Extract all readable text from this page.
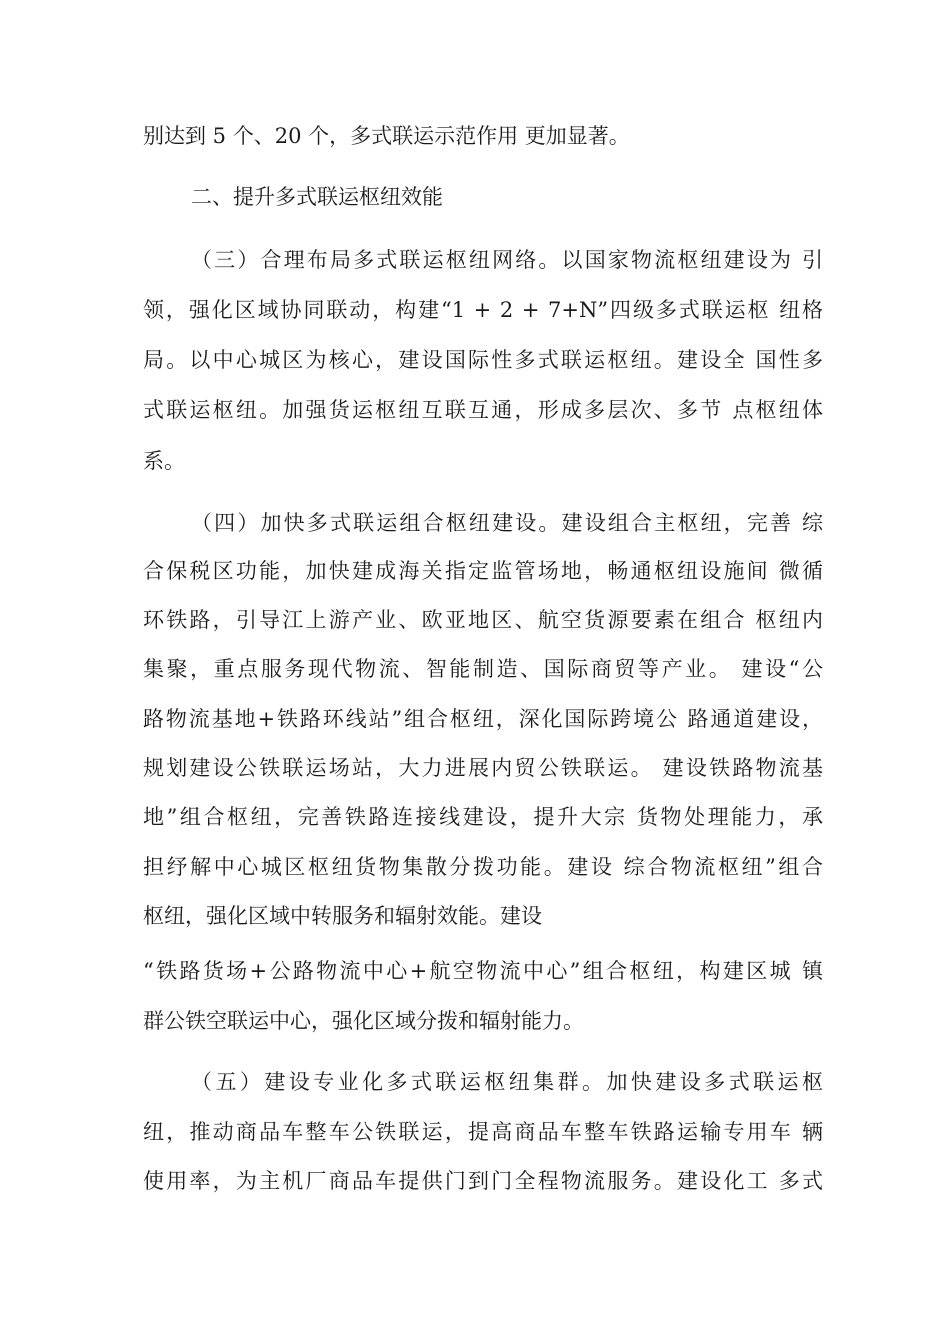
别达到 5 个、20 个，多式联运示范作用 更加显著。
二、提升多式联运枢纽效能
（三）合理布局多式联运枢纽网络。以国家物流枢纽建设为 引
领，强化区域协同联动，构建“1 + 2 + 7+N”四级多式联运枢 纽格
局。以中心城区为核心，建设国际性多式联运枢纽。建设全 国性多
式联运枢纽。加强货运枢纽互联互通，形成多层次、多节 点枢纽体
系。
（四）加快多式联运组合枢纽建设。建设组合主枢纽，完善 综
合保税区功能，加快建成海关指定监管场地，畅通枢纽设施间 微循
环铁路，引导江上游产业、欧亚地区、航空货源要素在组合 枢纽内
集聚，重点服务现代物流、智能制造、国际商贸等产业。 建设“公
路物流基地+铁路环线站”组合枢纽，深化国际跨境公 路通道建设，
规划建设公铁联运场站，大力进展内贸公铁联运。 建设铁路物流基
地”组合枢纽，完善铁路连接线建设，提升大宗 货物处理能力，承
担纾解中心城区枢纽货物集散分拨功能。建设 综合物流枢纽”组合
枢纽，强化区域中转服务和辐射效能。建设
“铁路货场+公路物流中心+航空物流中心”组合枢纽，构建区城 镇
群公铁空联运中心，强化区域分拨和辐射能力。
（五）建设专业化多式联运枢纽集群。加快建设多式联运枢
纽，推动商品车整车公铁联运，提高商品车整车铁路运输专用车 辆
使用率，为主机厂商品车提供门到门全程物流服务。建设化工 多式
